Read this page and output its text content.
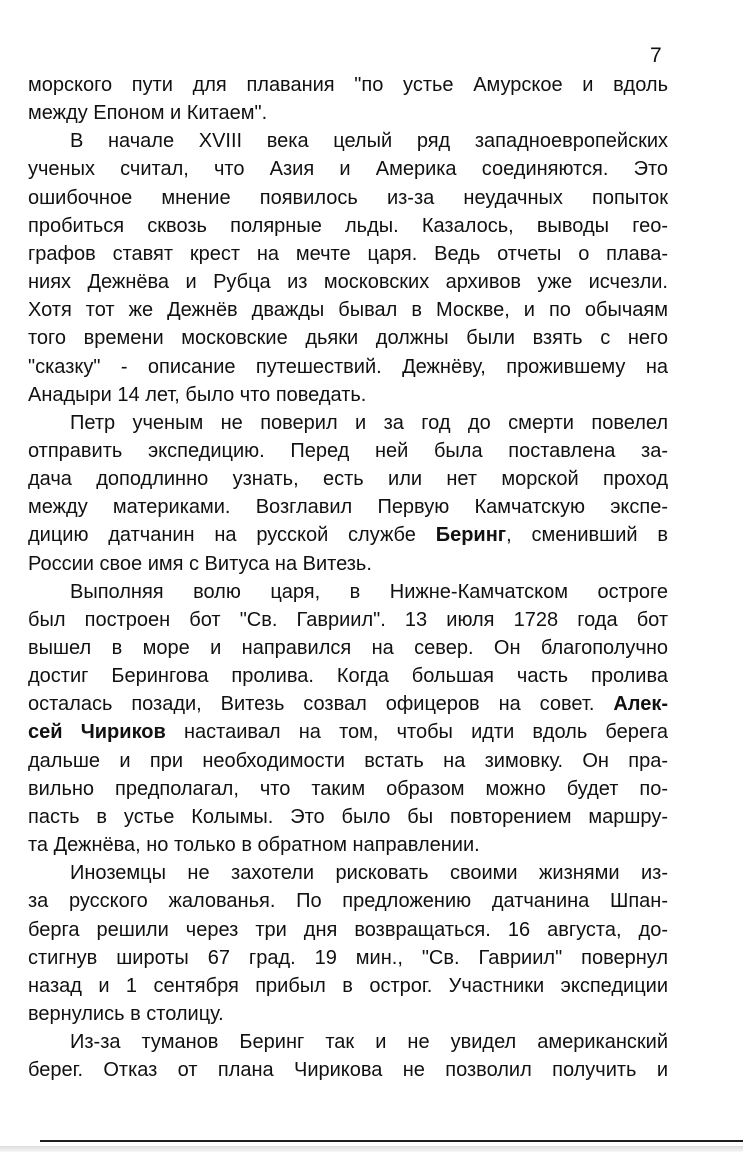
7
морского пути для плавания "по устье Амурское и вдоль
между Епоном и Китаем".
В начале XVIII века целый ряд западноевропейских
ученых считал, что Азия и Америка соединяются. Это
ошибочное мнение появилось из-за неудачных попыток
пробиться сквозь полярные льды. Казалось, выводы гео-
графов ставят крест на мечте царя. Ведь отчеты о плава-
ниях Дежнёва и Рубца из московских архивов уже исчезли.
Хотя тот же Дежнёв дважды бывал в Москве, и по обычаям
того времени московские дьяки должны были взять с него
"сказку" - описание путешествий. Дежнёву, прожившему на
Анадыри 14 лет, было что поведать.
Петр ученым не поверил и за год до смерти повелел
отправить экспедицию. Перед ней была поставлена за-
дача доподлинно узнать, есть или нет морской проход
между материками. Возглавил Первую Камчатскую экспе-
дицию датчанин на русской службе Беринг, сменивший в
России свое имя с Витуса на Витезь.
Выполняя волю царя, в Нижне-Камчатском остроге
был построен бот "Св. Гавриил". 13 июля 1728 года бот
вышел в море и направился на север. Он благополучно
достиг Берингова пролива. Когда большая часть пролива
осталась позади, Витезь созвал офицеров на совет. Алек-
сей Чириков настаивал на том, чтобы идти вдоль берега
дальше и при необходимости встать на зимовку. Он пра-
вильно предполагал, что таким образом можно будет по-
пасть в устье Колымы. Это было бы повторением маршру-
та Дежнёва, но только в обратном направлении.
Иноземцы не захотели рисковать своими жизнями из-
за русского жалованья. По предложению датчанина Шпан-
берга решили через три дня возвращаться. 16 августа, до-
стигнув широты 67 град. 19 мин., "Св. Гавриил" повернул
назад и 1 сентября прибыл в острог. Участники экспедиции
вернулись в столицу.
Из-за туманов Беринг так и не увидел американский
берег. Отказ от плана Чирикова не позволил получить и
